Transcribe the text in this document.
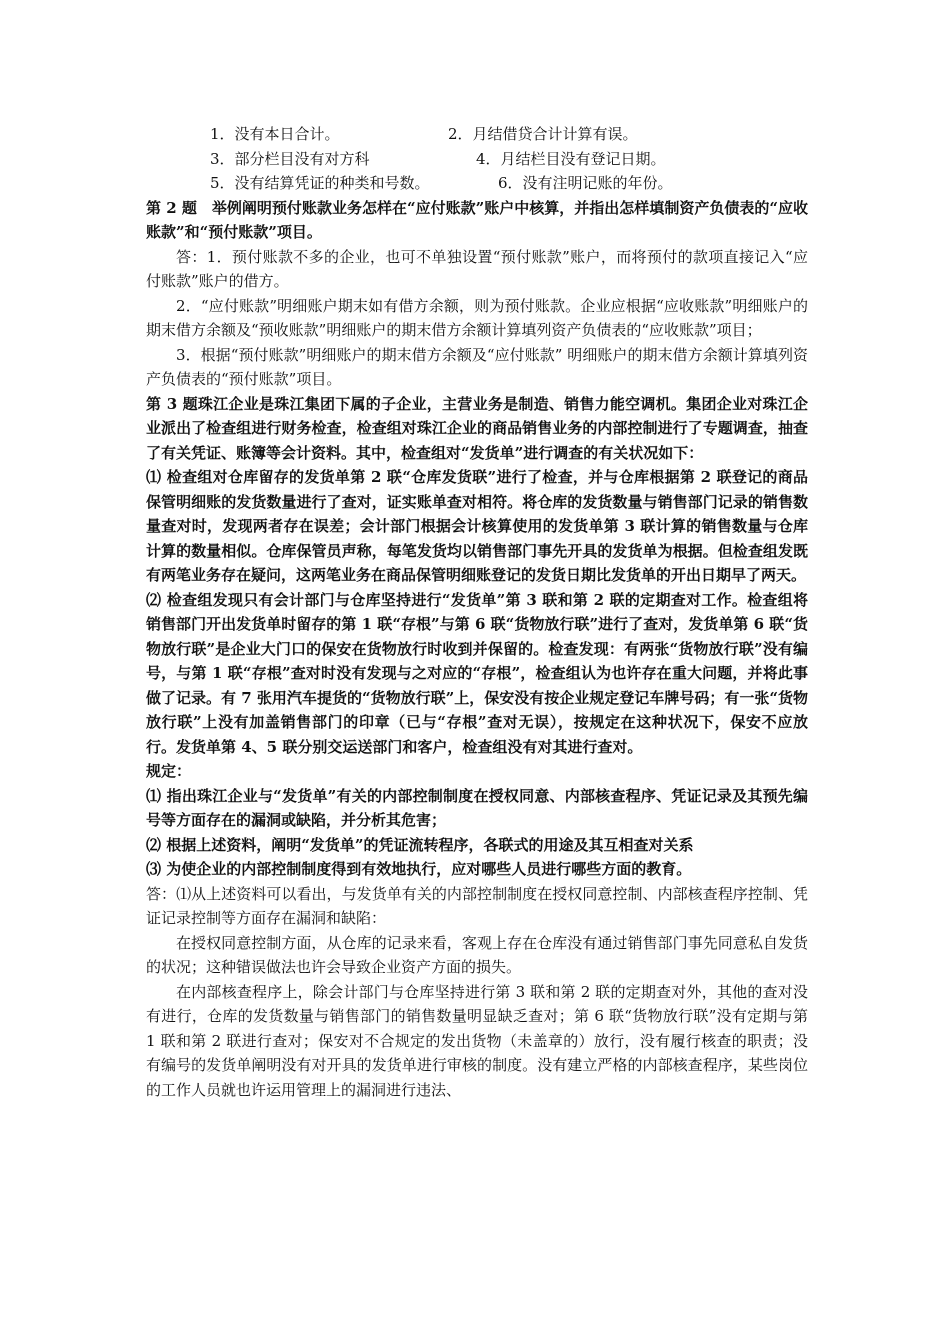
1．没有本日合计。	2．月结借贷合计计算有误。
3．部分栏目没有对方科	4．月结栏目没有登记日期。
5．没有结算凭证的种类和号数。	6．没有注明记账的年份。

第 2 题　举例阐明预付账款业务怎样在“应付账款”账户中核算，并指出怎样填制资产负债表的“应收账款”和“预付账款”项目。

答：1．预付账款不多的企业，也可不单独设置“预付账款”账户，而将预付的款项直接记入“应付账款”账户的借方。

2．“应付账款”明细账户期末如有借方余额，则为预付账款。企业应根据“应收账款”明细账户的期末借方余额及“预收账款”明细账户的期末借方余额计算填列资产负债表的“应收账款”项目；

3．根据“预付账款”明细账户的期末借方余额及“应付账款” 明细账户的期末借方余额计算填列资产负债表的“预付账款”项目。

第 3 题珠江企业是珠江集团下属的子企业，主营业务是制造、销售力能空调机。集团企业对珠江企业派出了检查组进行财务检查，检查组对珠江企业的商品销售业务的内部控制进行了专题调查，抽查了有关凭证、账簿等会计资料。其中，检查组对“发货单”进行调查的有关状况如下：

⑴ 检查组对仓库留存的发货单第 2 联“仓库发货联”进行了检查，并与仓库根据第 2 联登记的商品保管明细账的发货数量进行了查对，证实账单查对相符。将仓库的发货数量与销售部门记录的销售数量查对时，发现两者存在误差；会计部门根据会计核算使用的发货单第 3 联计算的销售数量与仓库计算的数量相似。仓库保管员声称，每笔发货均以销售部门事先开具的发货单为根据。但检查组发既有两笔业务存在疑问，这两笔业务在商品保管明细账登记的发货日期比发货单的开出日期早了两天。

⑵ 检查组发现只有会计部门与仓库坚持进行“发货单”第 3 联和第 2 联的定期查对工作。检查组将销售部门开出发货单时留存的第 1 联“存根”与第 6 联“货物放行联”进行了查对，发货单第 6 联“货物放行联”是企业大门口的保安在货物放行时收到并保留的。检查发现：有两张“货物放行联”没有编号，与第 1 联“存根”查对时没有发现与之对应的“存根”，检查组认为也许存在重大问题，并将此事做了记录。有 7 张用汽车提货的“货物放行联”上，保安没有按企业规定登记车牌号码；有一张“货物放行联”上没有加盖销售部门的印章（已与“存根”查对无误），按规定在这种状况下，保安不应放行。发货单第 4、5 联分别交运送部门和客户，检查组没有对其进行查对。

规定：

⑴ 指出珠江企业与“发货单”有关的内部控制制度在授权同意、内部核查程序、凭证记录及其预先编号等方面存在的漏洞或缺陷，并分析其危害；

⑵ 根据上述资料，阐明“发货单”的凭证流转程序，各联式的用途及其互相查对关系

⑶ 为使企业的内部控制制度得到有效地执行，应对哪些人员进行哪些方面的教育。

答：⑴从上述资料可以看出，与发货单有关的内部控制制度在授权同意控制、内部核查程序控制、凭证记录控制等方面存在漏洞和缺陷：

在授权同意控制方面，从仓库的记录来看，客观上存在仓库没有通过销售部门事先同意私自发货的状况；这种错误做法也许会导致企业资产方面的损失。

在内部核查程序上，除会计部门与仓库坚持进行第 3 联和第 2 联的定期查对外，其他的查对没有进行，仓库的发货数量与销售部门的销售数量明显缺乏查对；第 6 联“货物放行联”没有定期与第 1 联和第 2 联进行查对；保安对不合规定的发出货物（未盖章的）放行，没有履行核查的职责；没有编号的发货单阐明没有对开具的发货单进行审核的制度。没有建立严格的内部核查程序，某些岗位的工作人员就也许运用管理上的漏洞进行违法、
